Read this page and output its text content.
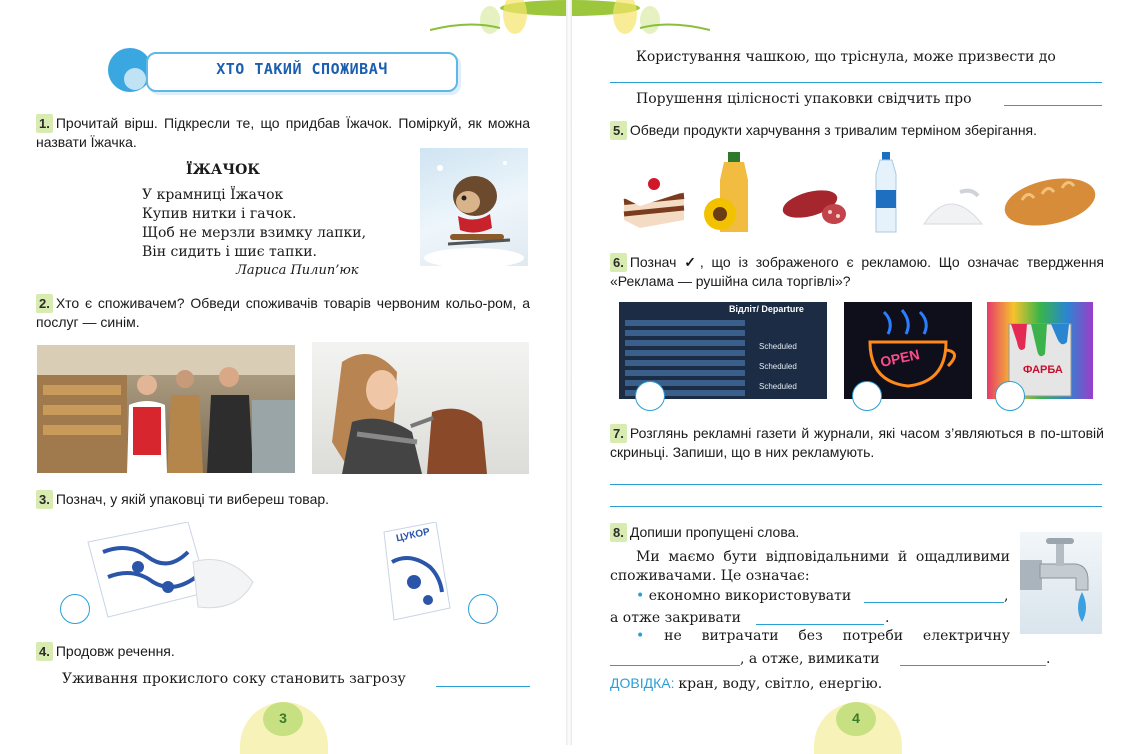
ХТО ТАКИЙ СПОЖИВАЧ
1. Прочитай вірш. Підкресли те, що придбав Їжачок. Поміркуй, як можна назвати Їжачка.
ЇЖАЧОК
У крамниці Їжачок
Купив нитки і гачок.
Щоб не мерзли взимку лапки,
Він сидить і шиє тапки.
Лариса Пилип’юк
2. Хто є споживачем? Обведи споживачів товарів червоним кольо-ром, а послуг — синім.
3. Познач, у якій упаковці ти вибереш товар.
ЦУКОР
4. Продовж речення.
Уживання прокислого соку становить загрозу
3
Користування чашкою, що тріснула, може призвести до
Порушення цілісності упаковки свідчить про
5. Обведи продукти харчування з тривалим терміном зберігання.
6. Познач ✓, що із зображеного є рекламою. Що означає твердження «Реклама — рушійна сила торгівлі»?
Відліт/ Departure
Scheduled
Scheduled
Scheduled
OPEN
ФАРБА
7. Розглянь рекламні газети й журнали, які часом з’являються в по-штовій скриньці. Запиши, що в них рекламують.
8. Допиши пропущені слова.
Ми маємо бути відповідальними й ощадливими споживачами. Це означає:
• економно використовувати	,
а отже закривати	.
• не витрачати без потреби електричну
, а отже, вимикати	.
ДОВІДКА: кран, воду, світло, енергію.
4
